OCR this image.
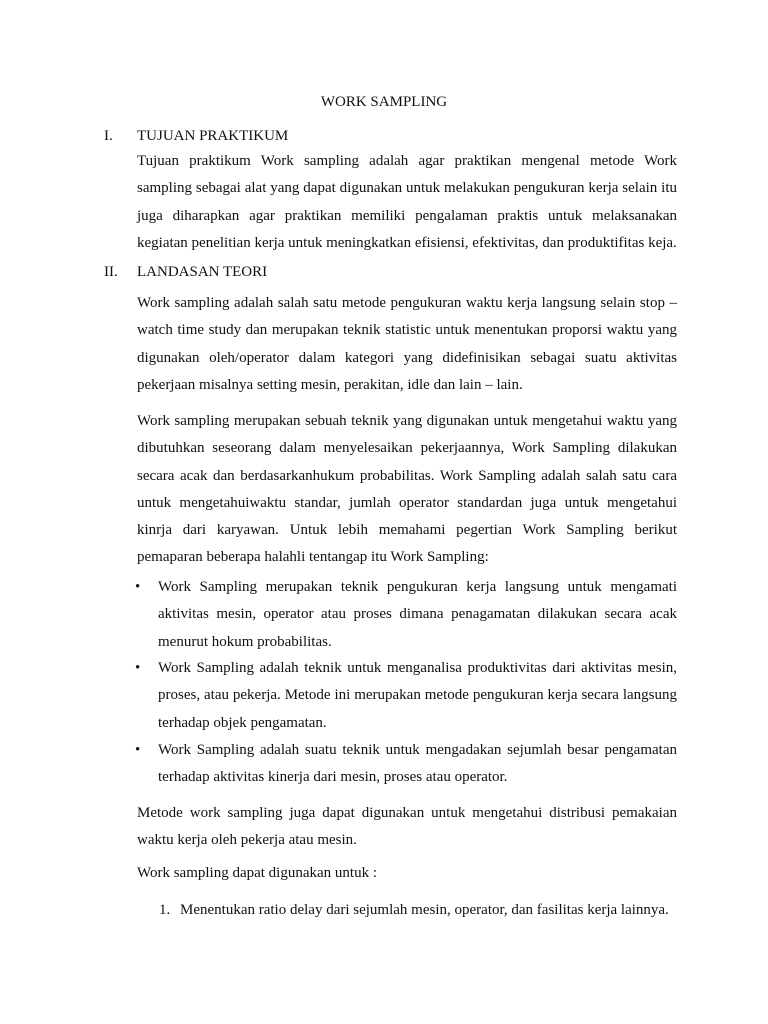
WORK SAMPLING
I. TUJUAN PRAKTIKUM

Tujuan praktikum Work sampling adalah agar praktikan mengenal metode Work sampling sebagai alat yang dapat digunakan untuk melakukan pengukuran kerja selain itu juga diharapkan agar praktikan memiliki pengalaman praktis untuk melaksanakan kegiatan penelitian kerja untuk meningkatkan efisiensi, efektivitas, dan produktifitas keja.

II. LANDASAN TEORI

Work sampling adalah salah satu metode pengukuran waktu kerja langsung selain stop – watch time study dan merupakan teknik statistic untuk menentukan proporsi waktu yang digunakan oleh/operator dalam kategori yang didefinisikan sebagai suatu aktivitas pekerjaan misalnya setting mesin, perakitan, idle dan lain – lain.

Work sampling merupakan sebuah teknik yang digunakan untuk mengetahui waktu yang dibutuhkan seseorang dalam menyelesaikan pekerjaannya, Work Sampling dilakukan secara acak dan berdasarkanhukum probabilitas. Work Sampling adalah salah satu cara untuk mengetahuiwaktu standar, jumlah operator standardan juga untuk mengetahui kinrja dari karyawan. Untuk lebih memahami pegertian Work Sampling berikut pemaparan beberapa halahli tentangap itu Work Sampling:

• Work Sampling merupakan teknik pengukuran kerja langsung untuk mengamati aktivitas mesin, operator atau proses dimana penagamatan dilakukan secara acak menurut hokum probabilitas.

• Work Sampling adalah teknik untuk menganalisa produktivitas dari aktivitas mesin, proses, atau pekerja. Metode ini merupakan metode pengukuran kerja secara langsung terhadap objek pengamatan.

• Work Sampling adalah suatu teknik untuk mengadakan sejumlah besar pengamatan terhadap aktivitas kinerja dari mesin, proses atau operator.

Metode work sampling juga dapat digunakan untuk mengetahui distribusi pemakaian waktu kerja oleh pekerja atau mesin.

Work sampling dapat digunakan untuk :

1. Menentukan ratio delay dari sejumlah mesin, operator, dan fasilitas kerja lainnya.
